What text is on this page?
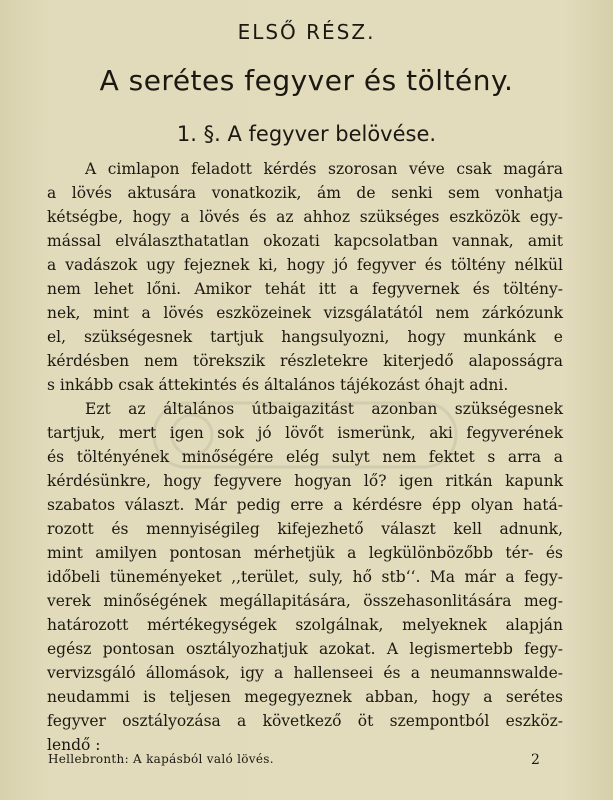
ELSŐ RÉSZ.
A serétes fegyver és töltény.
1. §. A fegyver belövése.
A cimlapon feladott kérdés szorosan véve csak magára
a lövés aktusára vonatkozik, ám de senki sem vonhatja
kétségbe, hogy a lövés és az ahhoz szükséges eszközök egy-
mással elválaszthatatlan okozati kapcsolatban vannak, amit
a vadászok ugy fejeznek ki, hogy jó fegyver és töltény nélkül
nem lehet lőni. Amikor tehát itt a fegyvernek és töltény-
nek, mint a lövés eszközeinek vizsgálatától nem zárkózunk
el, szükségesnek tartjuk hangsulyozni, hogy munkánk e
kérdésben nem törekszik részletekre kiterjedő alaposságra
s inkább csak áttekintés és általános tájékozást óhajt adni.
Ezt az általános útbaigazitást azonban szükségesnek
tartjuk, mert igen sok jó lövőt ismerünk, aki fegyverének
és töltényének minőségére elég sulyt nem fektet s arra a
kérdésünkre, hogy fegyvere hogyan lő? igen ritkán kapunk
szabatos választ. Már pedig erre a kérdésre épp olyan hatá-
rozott és mennyiségileg kifejezhető választ kell adnunk,
mint amilyen pontosan mérhetjük a legkülönbözőbb tér- és
időbeli tüneményeket ,,terület, suly, hő stb‘‘. Ma már a fegy-
verek minőségének megállapitására, összehasonlitására meg-
határozott mértékegységek szolgálnak, melyeknek alapján
egész pontosan osztályozhatjuk azokat. A legismertebb fegy-
vervizsgáló állomások, igy a hallenseei és a neumannswalde-
neudammi is teljesen megegyeznek abban, hogy a serétes
fegyver osztályozása a következő öt szempontból eszköz-
lendő :
Hellebronth: A kapásból való lövés.	2
